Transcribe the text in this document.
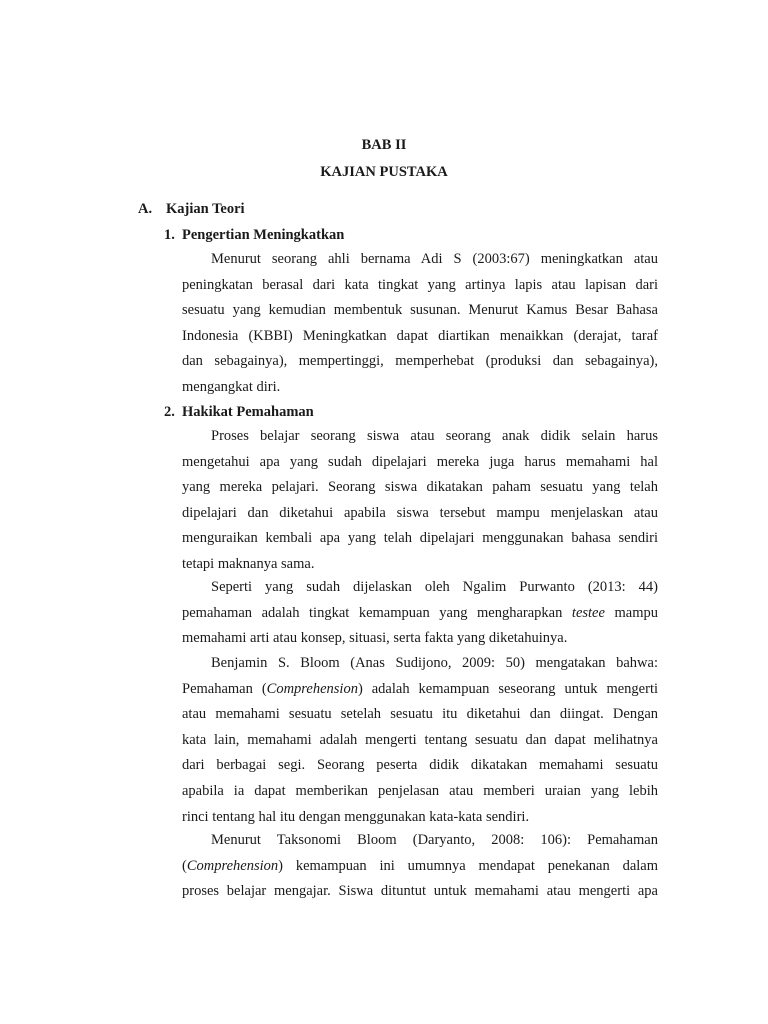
BAB II
KAJIAN PUSTAKA
A. Kajian Teori
1. Pengertian Meningkatkan
Menurut seorang ahli bernama Adi S (2003:67) meningkatkan atau
peningkatan berasal dari kata tingkat yang artinya lapis atau lapisan dari
sesuatu yang kemudian membentuk susunan. Menurut Kamus Besar Bahasa
Indonesia (KBBI) Meningkatkan dapat diartikan menaikkan (derajat, taraf
dan sebagainya), mempertinggi, memperhebat (produksi dan sebagainya),
mengangkat diri.
2. Hakikat Pemahaman
Proses belajar seorang siswa atau seorang anak didik selain harus
mengetahui apa yang sudah dipelajari mereka juga harus memahami hal
yang mereka pelajari. Seorang siswa dikatakan paham sesuatu yang telah
dipelajari dan diketahui apabila siswa tersebut mampu menjelaskan atau
menguraikan kembali apa yang telah dipelajari menggunakan bahasa sendiri
tetapi maknanya sama.
Seperti yang sudah dijelaskan oleh Ngalim Purwanto (2013: 44)
pemahaman adalah tingkat kemampuan yang mengharapkan testee mampu
memahami arti atau konsep, situasi, serta fakta yang diketahuinya.
Benjamin S. Bloom (Anas Sudijono, 2009: 50) mengatakan bahwa:
Pemahaman (Comprehension) adalah kemampuan seseorang untuk mengerti
atau memahami sesuatu setelah sesuatu itu diketahui dan diingat. Dengan
kata lain, memahami adalah mengerti tentang sesuatu dan dapat melihatnya
dari berbagai segi. Seorang peserta didik dikatakan memahami sesuatu
apabila ia dapat memberikan penjelasan atau memberi uraian yang lebih
rinci tentang hal itu dengan menggunakan kata-kata sendiri.
Menurut Taksonomi Bloom (Daryanto, 2008: 106): Pemahaman
(Comprehension) kemampuan ini umumnya mendapat penekanan dalam
proses belajar mengajar. Siswa dituntut untuk memahami atau mengerti apa
